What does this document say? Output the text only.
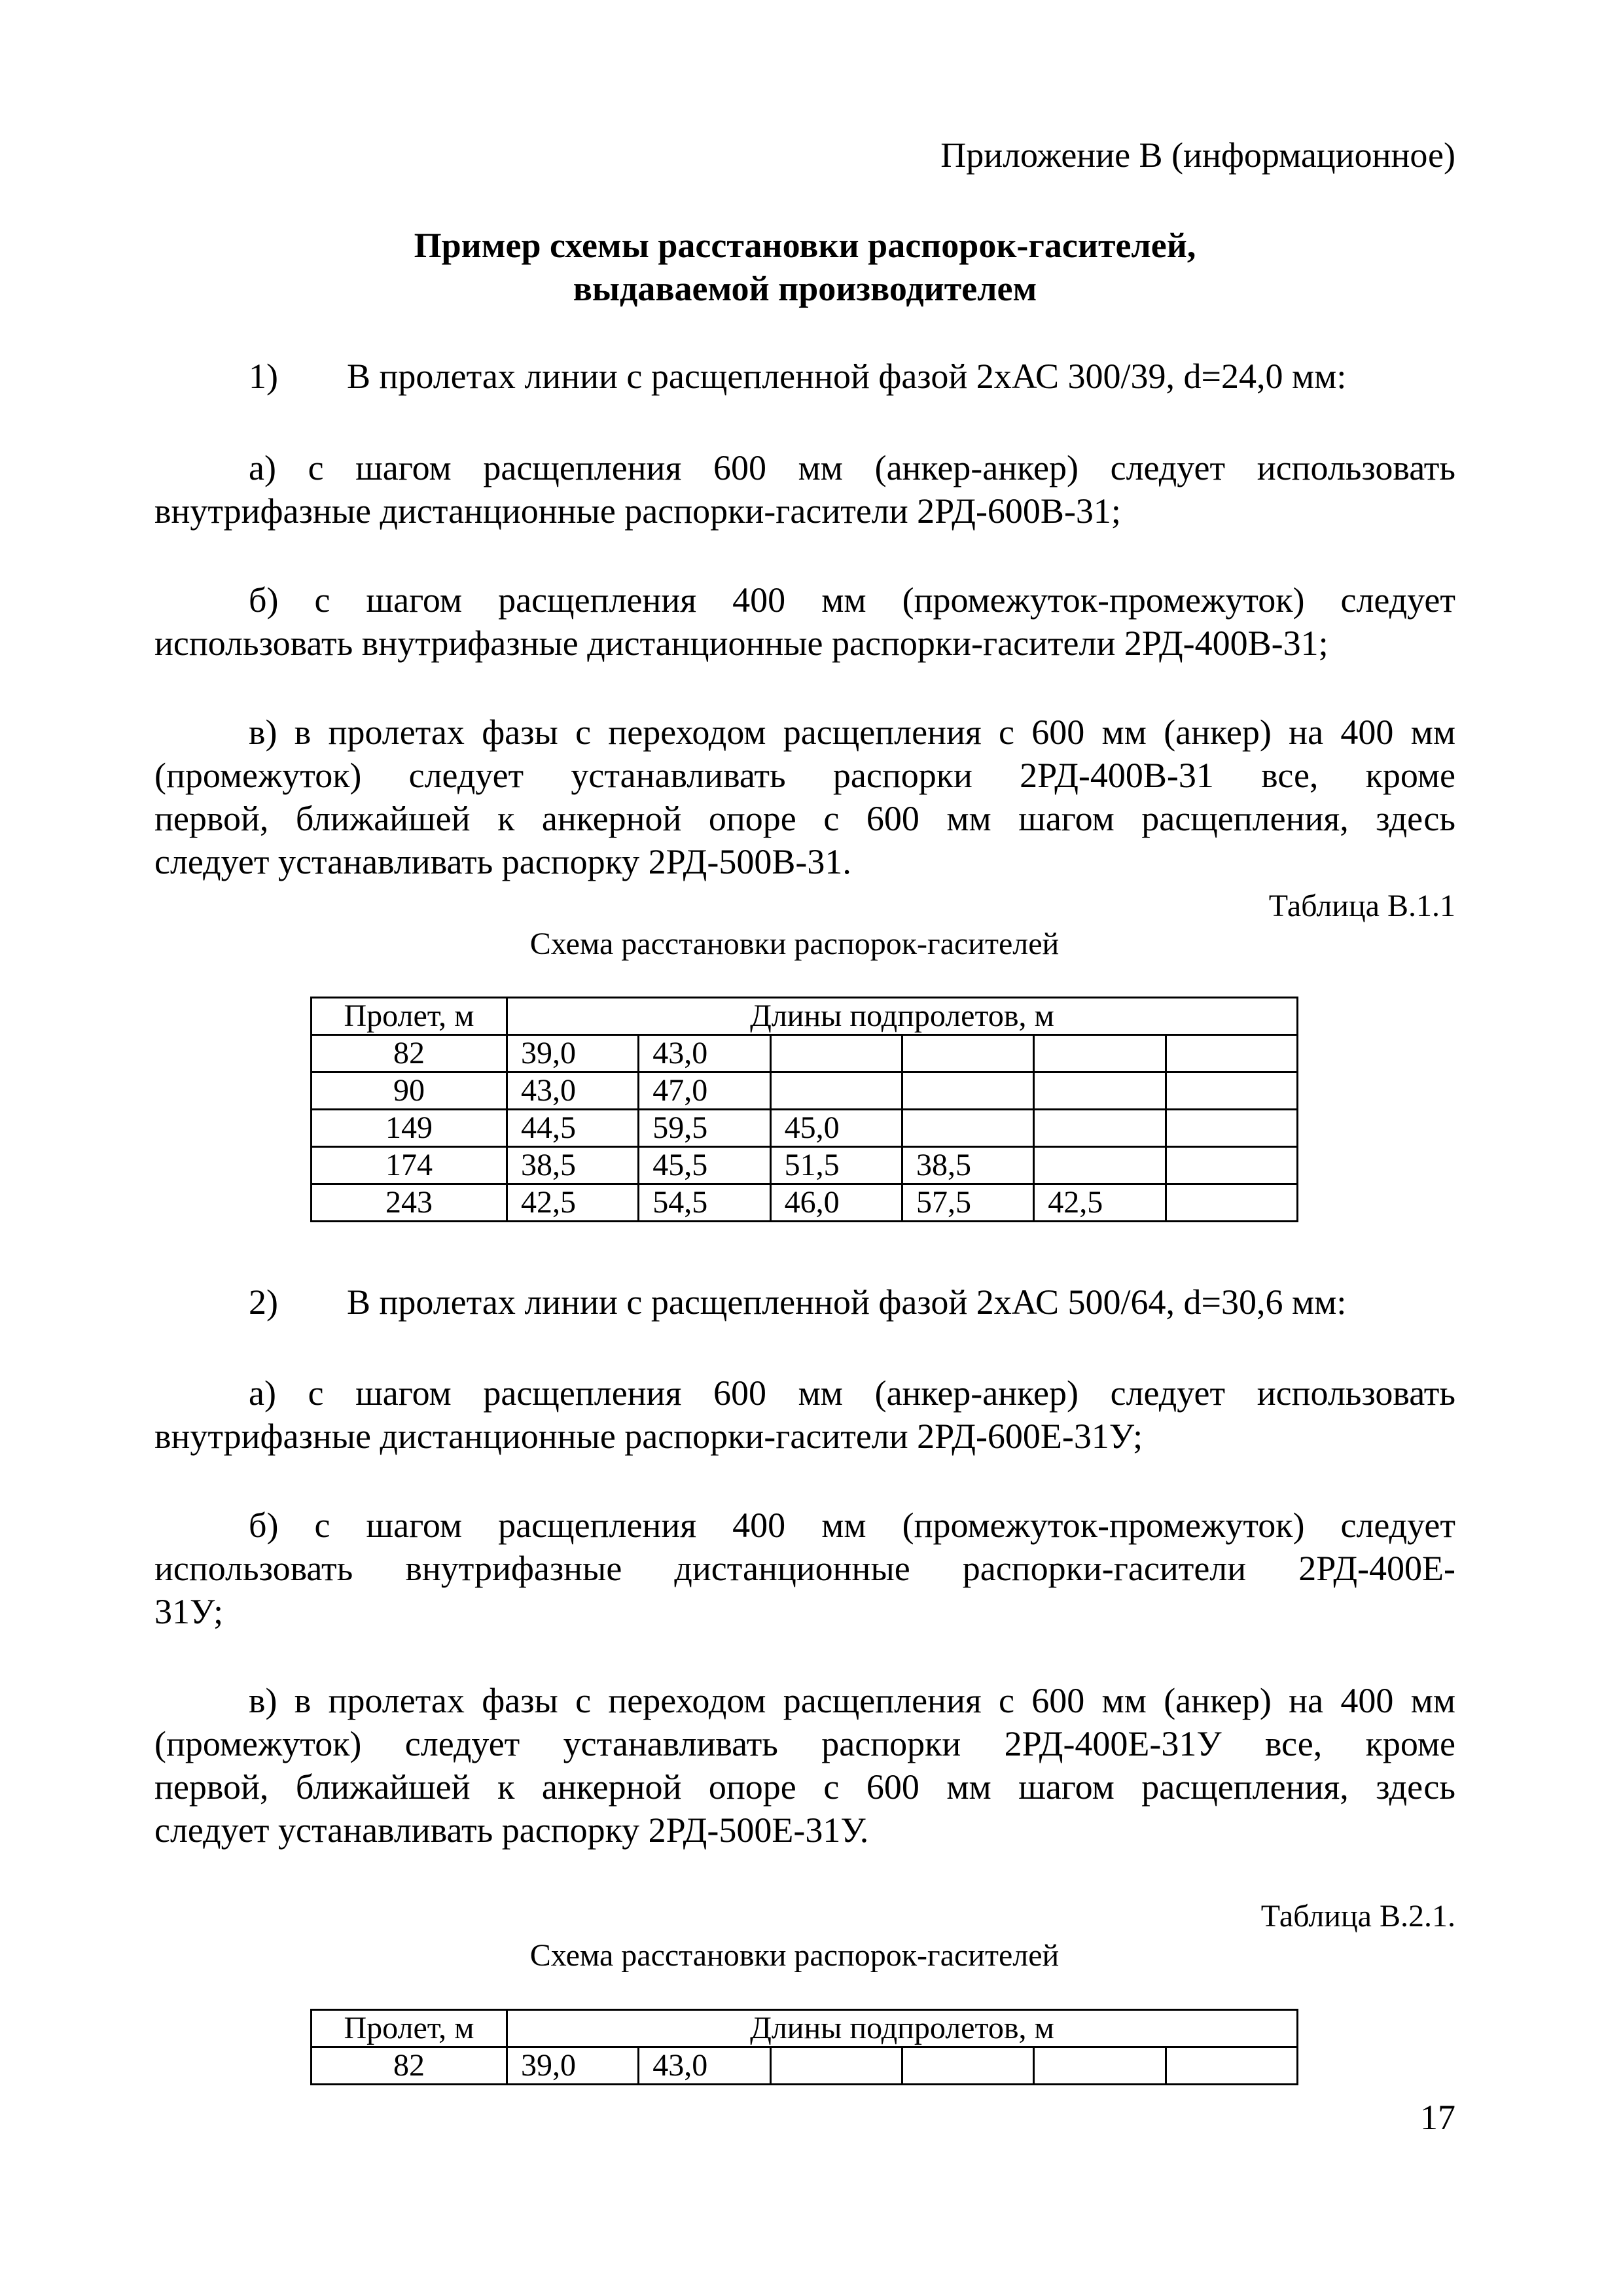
Приложение В (информационное)
Пример схемы расстановки распорок-гасителей,
выдаваемой производителем
1) В пролетах линии с расщепленной фазой 2хАС 300/39, d=24,0 мм:
а) с шагом расщепления 600 мм (анкер-анкер) следует использовать
внутрифазные дистанционные распорки-гасители 2РД-600В-31;
б) с шагом расщепления 400 мм (промежуток-промежуток) следует
использовать внутрифазные дистанционные распорки-гасители 2РД-400В-31;
в) в пролетах фазы с переходом расщепления с 600 мм (анкер) на 400 мм
(промежуток) следует устанавливать распорки 2РД-400В-31 все, кроме
первой, ближайшей к анкерной опоре с 600 мм шагом расщепления, здесь
следует устанавливать распорку 2РД-500В-31.
Таблица В.1.1
Схема расстановки распорок-гасителей
Пролет, м	Длины подпролетов, м					
82	39,0	43,0				
90	43,0	47,0				
149	44,5	59,5	45,0			
174	38,5	45,5	51,5	38,5		
243	42,5	54,5	46,0	57,5	42,5	
2) В пролетах линии с расщепленной фазой 2хАС 500/64, d=30,6 мм:
а) с шагом расщепления 600 мм (анкер-анкер) следует использовать
внутрифазные дистанционные распорки-гасители 2РД-600Е-31У;
б) с шагом расщепления 400 мм (промежуток-промежуток) следует
использовать внутрифазные дистанционные распорки-гасители 2РД-400Е-
31У;
в) в пролетах фазы с переходом расщепления с 600 мм (анкер) на 400 мм
(промежуток) следует устанавливать распорки 2РД-400Е-31У все, кроме
первой, ближайшей к анкерной опоре с 600 мм шагом расщепления, здесь
следует устанавливать распорку 2РД-500Е-31У.
Таблица В.2.1.
Схема расстановки распорок-гасителей
17
Пролет, м	Длины подпролетов, м					
82	39,0	43,0				
